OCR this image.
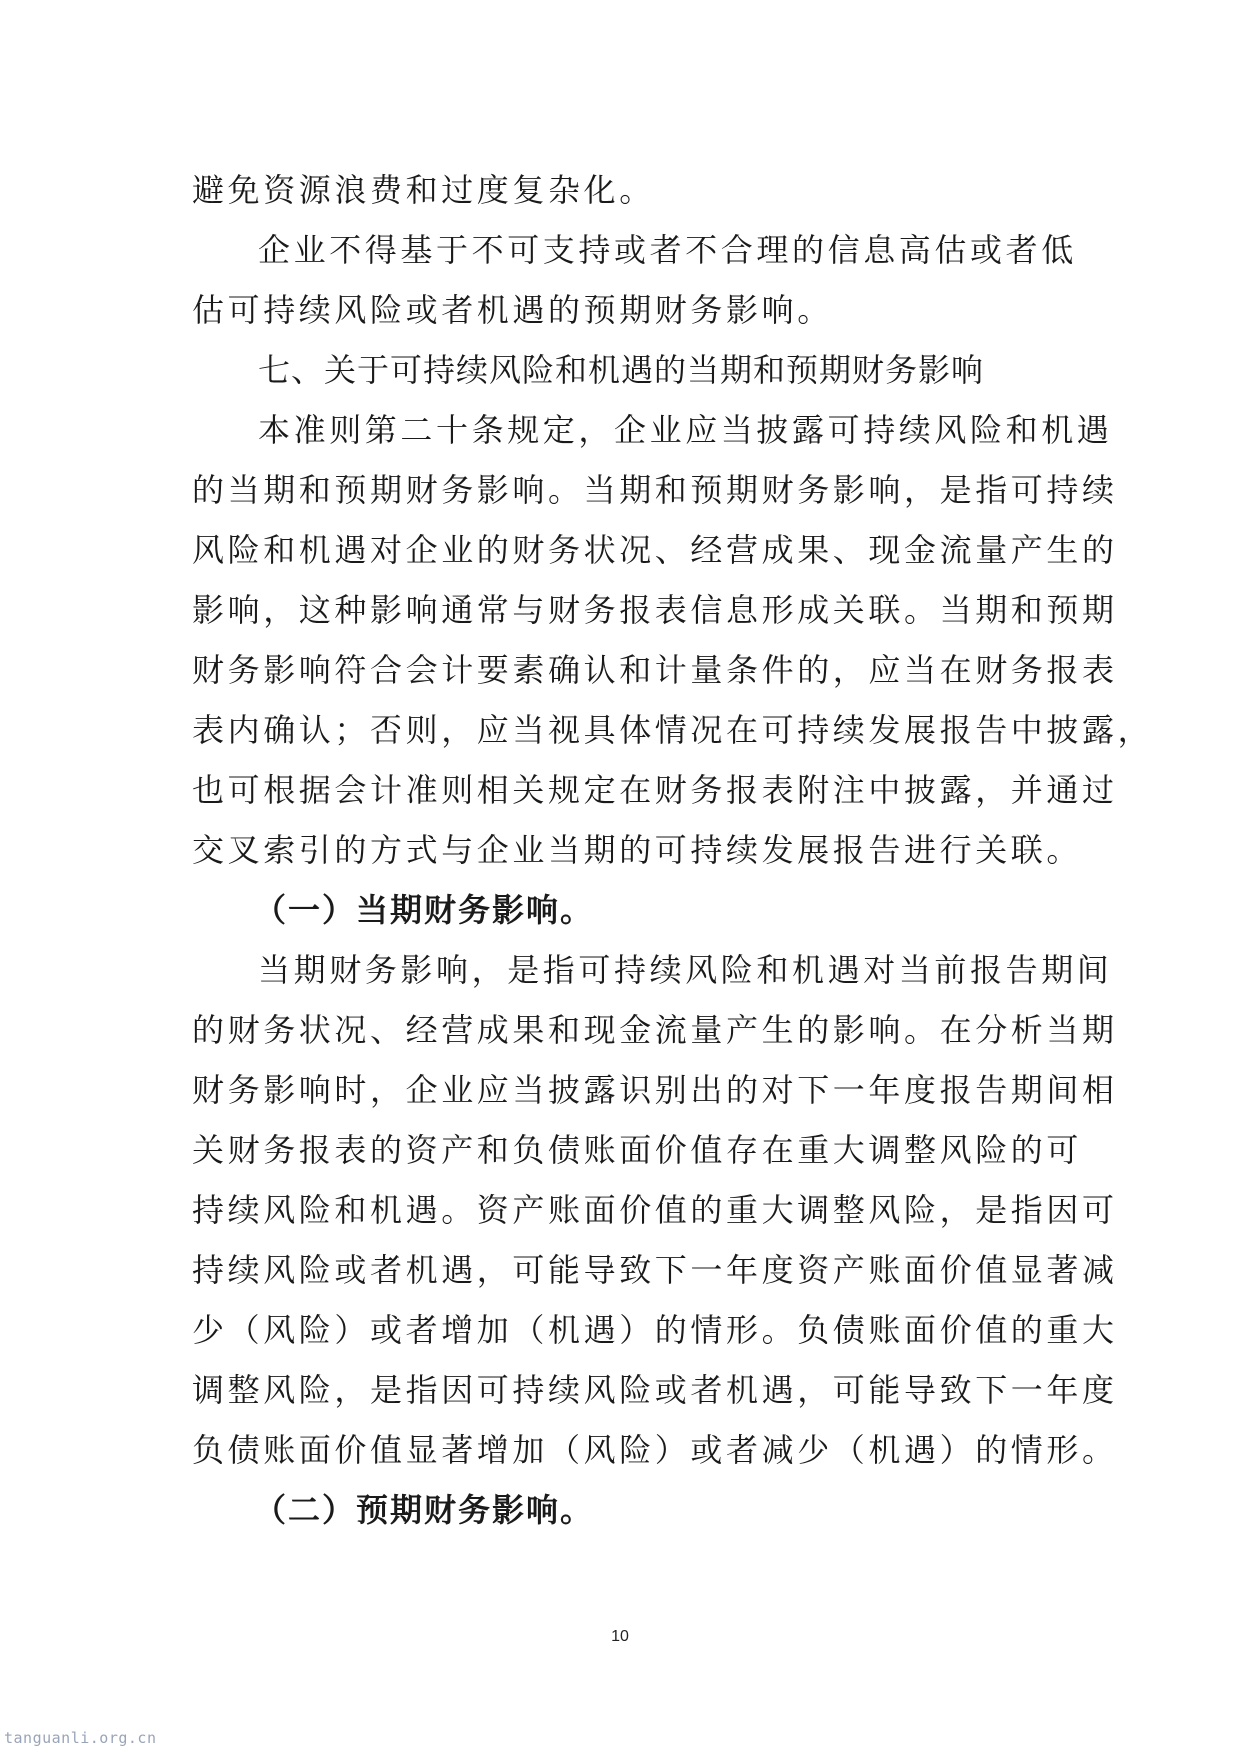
避免资源浪费和过度复杂化。
企业不得基于不可支持或者不合理的信息高估或者低
估可持续风险或者机遇的预期财务影响。
七、关于可持续风险和机遇的当期和预期财务影响
本准则第二十条规定，企业应当披露可持续风险和机遇
的当期和预期财务影响。当期和预期财务影响，是指可持续
风险和机遇对企业的财务状况、经营成果、现金流量产生的
影响，这种影响通常与财务报表信息形成关联。当期和预期
财务影响符合会计要素确认和计量条件的，应当在财务报表
表内确认；否则，应当视具体情况在可持续发展报告中披露，
也可根据会计准则相关规定在财务报表附注中披露，并通过
交叉索引的方式与企业当期的可持续发展报告进行关联。
（一）当期财务影响。
当期财务影响，是指可持续风险和机遇对当前报告期间
的财务状况、经营成果和现金流量产生的影响。在分析当期
财务影响时，企业应当披露识别出的对下一年度报告期间相
关财务报表的资产和负债账面价值存在重大调整风险的可
持续风险和机遇。资产账面价值的重大调整风险，是指因可
持续风险或者机遇，可能导致下一年度资产账面价值显著减
少（风险）或者增加（机遇）的情形。负债账面价值的重大
调整风险，是指因可持续风险或者机遇，可能导致下一年度
负债账面价值显著增加（风险）或者减少（机遇）的情形。
（二）预期财务影响。
10
tanguanli.org.cn
